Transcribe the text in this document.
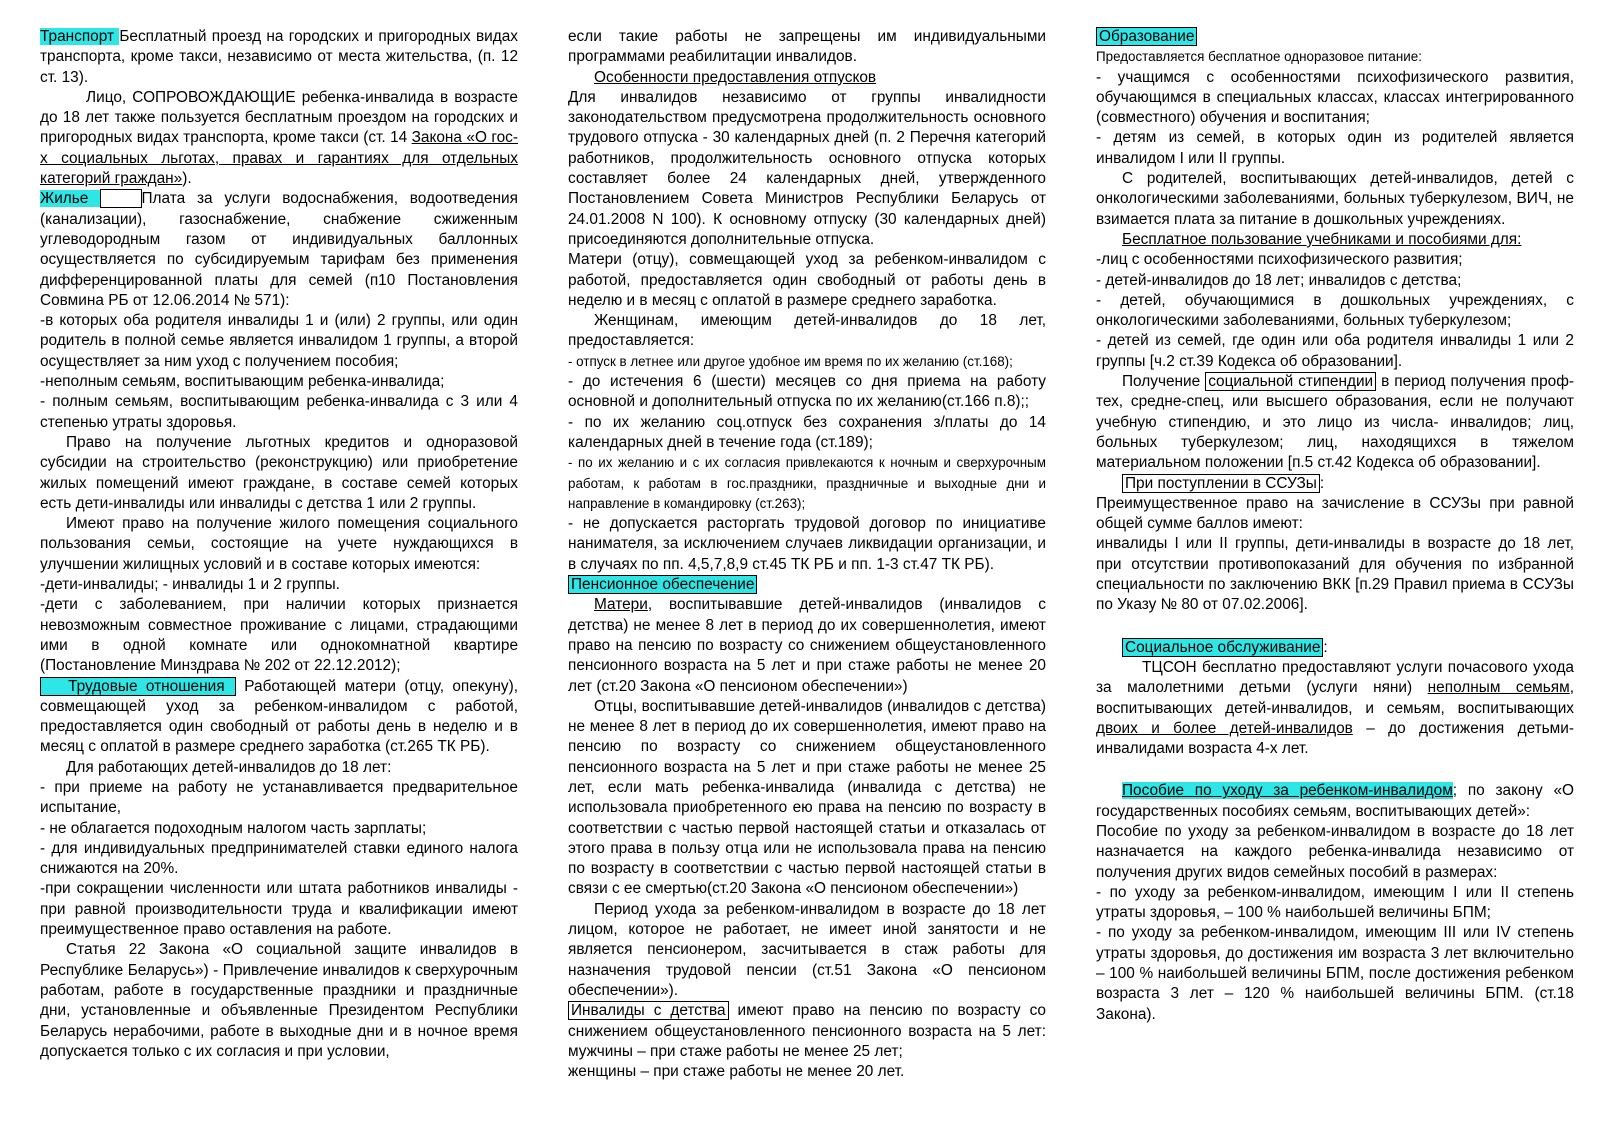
Транспорт Бесплатный проезд на городских и пригородных видах транспорта, кроме такси, независимо от места жительства, (п. 12 ст. 13).

Лицо, СОПРОВОЖДАЮЩИЕ ребенка-инвалида в возрасте до 18 лет также пользуется бесплатным проездом на городских и пригородных видах транспорта, кроме такси (ст. 14 Закона «О гос-х социальных льготах, правах и гарантиях для отдельных категорий граждан»).

Жилье	Плата за услуги водоснабжения, водоотведения (канализации), газоснабжение, снабжение сжиженным углеводородным газом от индивидуальных баллонных осуществляется по субсидируемым тарифам без применения дифференцированной платы для семей (п10 Постановления Совмина РБ от 12.06.2014 № 571):

-в которых оба родителя инвалиды 1 и (или) 2 группы, или один родитель в полной семье является инвалидом 1 группы, а второй осуществляет за ним уход с получением пособия;

-неполным семьям, воспитывающим ребенка-инвалида;

- полным семьям, воспитывающим ребенка-инвалида с 3 или 4 степенью утраты здоровья.

Право на получение льготных кредитов и одноразовой субсидии на строительство (реконструкцию) или приобретение жилых помещений имеют граждане, в составе семей которых есть дети-инвалиды или инвалиды с детства 1 или 2 группы.

Имеют право на получение жилого помещения социального пользования семьи, состоящие на учете нуждающихся в улучшении жилищных условий и в составе которых имеются:

-дети-инвалиды; - инвалиды 1 и 2 группы.

-дети с заболеванием, при наличии которых признается невозможным совместное проживание с лицами, страдающими ими в одной комнате или однокомнатной квартире (Постановление Минздрава № 202 от 22.12.2012);

Трудовые отношения  Работающей матери (отцу, опекуну), совмещающей уход за ребенком-инвалидом с работой, предоставляется один свободный от работы день в неделю и в месяц с оплатой в размере среднего заработка (ст.265 ТК РБ).

Для работающих детей-инвалидов до 18 лет:

- при приеме на работу не устанавливается предварительное испытание,

- не облагается подоходным налогом часть зарплаты;

- для индивидуальных предпринимателей ставки единого налога снижаются на 20%.

-при сокращении численности или штата работников инвалиды - при равной производительности труда и квалификации имеют преимущественное право оставления на работе.

Статья 22 Закона «О социальной защите инвалидов в Республике Беларусь») - Привлечение инвалидов к сверхурочным работам, работе в государственные праздники и праздничные дни, установленные и объявленные Президентом Республики Беларусь нерабочими, работе в выходные дни и в ночное время допускается только с их согласия и при условии,

если такие работы не запрещены им индивидуальными программами реабилитации инвалидов.

Особенности предоставления отпусков

Для инвалидов независимо от группы инвалидности законодательством предусмотрена продолжительность основного трудового отпуска - 30 календарных дней (п. 2 Перечня категорий работников, продолжительность основного отпуска которых составляет более 24 календарных дней, утвержденного Постановлением Совета Министров Республики Беларусь от 24.01.2008 N 100). К основному отпуску (30 календарных дней) присоединяются дополнительные отпуска.

Матери (отцу), совмещающей уход за ребенком-инвалидом с работой, предоставляется один свободный от работы день в неделю и в месяц с оплатой в размере среднего заработка.

Женщинам, имеющим детей-инвалидов до 18 лет, предоставляется:

- отпуск в летнее или другое удобное им время по их желанию (ст.168);

- до истечения 6 (шести) месяцев со дня приема на работу основной и дополнительный отпуска по их желанию(ст.166 п.8);;

- по их желанию соц.отпуск без сохранения з/платы до 14 календарных дней в течение года (ст.189);

- по их желанию и с их согласия привлекаются к ночным и сверхурочным работам, к работам в гос.праздники, праздничные и выходные дни и направление в командировку (ст.263);

- не допускается расторгать трудовой договор по инициативе нанимателя, за исключением случаев ликвидации организации, и в случаях по пп. 4,5,7,8,9 ст.45 ТК РБ и пп. 1-3 ст.47 ТК РБ).

Пенсионное обеспечение

Матери, воспитывавшие детей-инвалидов (инвалидов с детства) не менее 8 лет в период до их совершеннолетия, имеют право на пенсию по возрасту со снижением общеустановленного пенсионного возраста на 5 лет и при стаже работы не менее 20 лет (ст.20 Закона «О пенсионом обеспечении»)

Отцы, воспитывавшие детей-инвалидов (инвалидов с детства) не менее 8 лет в период до их совершеннолетия, имеют право на пенсию по возрасту со снижением общеустановленного пенсионного возраста на 5 лет и при стаже работы не менее 25 лет, если мать ребенка-инвалида (инвалида с детства) не использовала приобретенного ею права на пенсию по возрасту в соответствии с частью первой настоящей статьи и отказалась от этого права в пользу отца или не использовала права на пенсию по возрасту в соответствии с частью первой настоящей статьи в связи с ее смертью(ст.20 Закона «О пенсионом обеспечении»)

Период ухода за ребенком-инвалидом в возрасте до 18 лет лицом, которое не работает, не имеет иной занятости и не является пенсионером, засчитывается в стаж работы для назначения трудовой пенсии (ст.51 Закона «О пенсионом обеспечении»).

Инвалиды с детства имеют право на пенсию по возрасту со снижением общеустановленного пенсионного возраста на 5 лет: мужчины – при стаже работы не менее 25 лет;

женщины – при стаже работы не менее 20 лет.

Образование

Предоставляется бесплатное одноразовое питание:

- учащимся с особенностями психофизического развития, обучающимся в специальных классах, классах интегрированного (совместного) обучения и воспитания;

- детям из семей, в которых один из родителей является инвалидом I или II группы.

С родителей, воспитывающих детей-инвалидов, детей с онкологическими заболеваниями, больных туберкулезом, ВИЧ, не взимается плата за питание в дошкольных учреждениях.

Бесплатное пользование учебниками и пособиями для:

-лиц с особенностями психофизического развития;

- детей-инвалидов до 18 лет; инвалидов с детства;

- детей, обучающимися в дошкольных учреждениях, с онкологическими заболеваниями, больных туберкулезом;

- детей из семей, где один или оба родителя инвалиды 1 или 2 группы [ч.2 ст.39 Кодекса об образовании].

Получение социальной стипендии в период получения проф-тех, средне-спец, или высшего образования, если не получают учебную стипендию, и это лицо из числа- инвалидов; лиц, больных туберкулезом; лиц, находящихся в тяжелом материальном положении [п.5 ст.42 Кодекса об образовании].

При поступлении в ССУЗы :

Преимущественное право на зачисление в ССУЗы при равной общей сумме баллов имеют:

инвалиды I или II группы, дети-инвалиды в возрасте до 18 лет, при отсутствии противопоказаний для обучения по избранной специальности по заключению ВКК [п.29 Правил приема в ССУЗы по Указу № 80 от 07.02.2006].

Социальное обслуживание :

ТЦСОН бесплатно предоставляют услуги почасового ухода за малолетними детьми (услуги няни) неполным семьям, воспитывающих детей-инвалидов, и семьям, воспитывающих двоих и более детей-инвалидов – до достижения детьми-инвалидами возраста 4-х лет.

Пособие по уходу за ребенком-инвалидом; по закону «О государственных пособиях семьям, воспитывающих детей»:

Пособие по уходу за ребенком-инвалидом в возрасте до 18 лет назначается на каждого ребенка-инвалида независимо от получения других видов семейных пособий в размерах:

- по уходу за ребенком-инвалидом, имеющим I или II степень утраты здоровья, – 100 % наибольшей величины БПМ;

- по уходу за ребенком-инвалидом, имеющим III или IV степень утраты здоровья, до достижения им возраста 3 лет включительно – 100 % наибольшей величины БПМ, после достижения ребенком возраста 3 лет – 120 % наибольшей величины БПМ. (ст.18 Закона).
